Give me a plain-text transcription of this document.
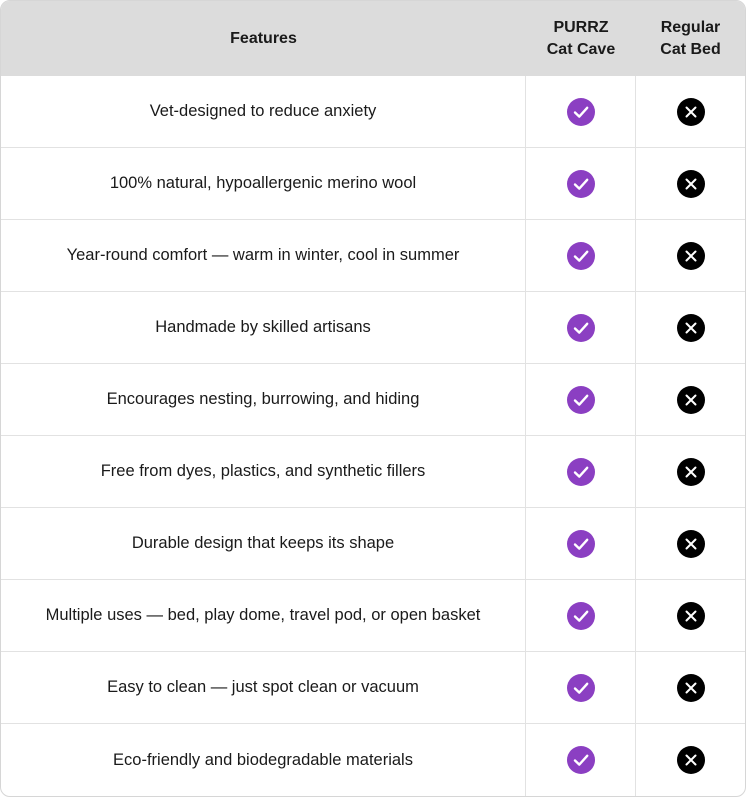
Features
PURRZ
Cat Cave
Regular
Cat Bed
Vet-designed to reduce anxiety
100% natural, hypoallergenic merino wool
Year-round comfort — warm in winter, cool in summer
Handmade by skilled artisans
Encourages nesting, burrowing, and hiding
Free from dyes, plastics, and synthetic fillers
Durable design that keeps its shape
Multiple uses — bed, play dome, travel pod, or open basket
Easy to clean — just spot clean or vacuum
Eco-friendly and biodegradable materials
